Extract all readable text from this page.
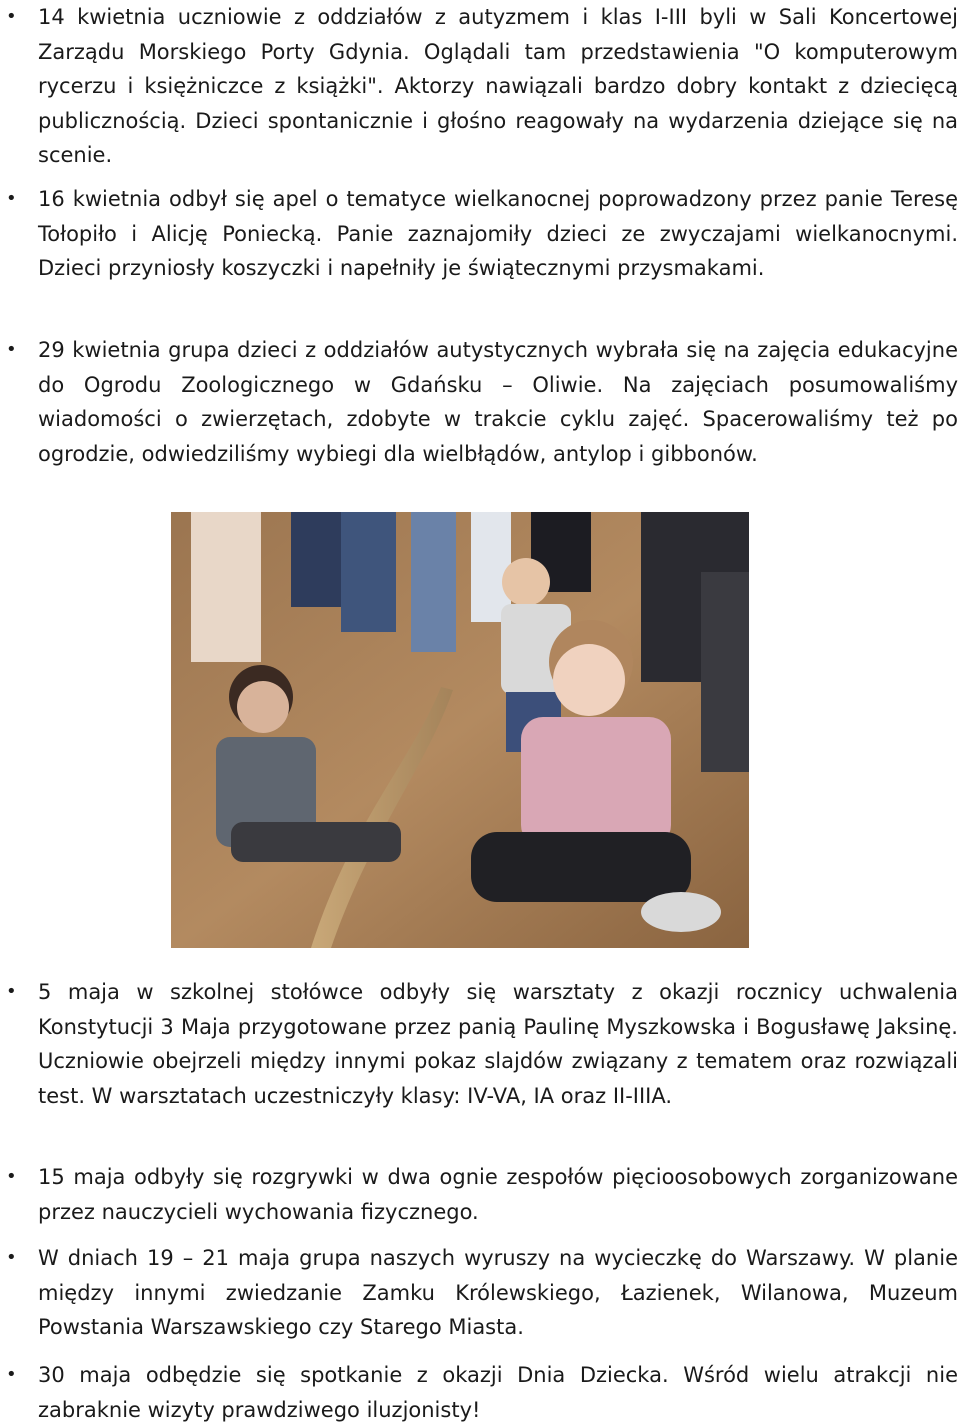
• 14 kwietnia uczniowie z oddziałów z autyzmem i klas I-III byli w Sali Koncertowej Zarządu Morskiego Porty Gdynia. Oglądali tam przedstawienia "O komputerowym rycerzu i księżniczce z książki". Aktorzy nawiązali bardzo dobry kontakt z dziecięcą publicznością. Dzieci spontanicznie i głośno reagowały na wydarzenia dziejące się na scenie.
• 16 kwietnia odbył się apel o tematyce wielkanocnej poprowadzony przez panie Teresę Tołopiło i Alicję Poniecką. Panie zaznajomiły dzieci ze zwyczajami wielkanocnymi. Dzieci przyniosły koszyczki i napełniły je świątecznymi przysmakami.
• 29 kwietnia grupa dzieci z oddziałów autystycznych wybrała się na zajęcia edukacyjne do Ogrodu Zoologicznego w Gdańsku – Oliwie. Na zajęciach posumowaliśmy wiadomości o zwierzętach, zdobyte w trakcie cyklu zajęć. Spacerowaliśmy też po ogrodzie, odwiedziliśmy wybiegi dla wielbłądów, antylop i gibbonów.
• 5 maja w szkolnej stołówce odbyły się warsztaty z okazji rocznicy uchwalenia Konstytucji 3 Maja przygotowane przez panią Paulinę Myszkowska i Bogusławę Jaksinę. Uczniowie obejrzeli między innymi pokaz slajdów związany z tematem oraz rozwiązali test. W warsztatach uczestniczyły klasy: IV-VA, IA oraz II-IIIA.
• 15 maja odbyły się rozgrywki w dwa ognie zespołów pięcioosobowych zorganizowane przez nauczycieli wychowania fizycznego.
• W dniach 19 – 21 maja grupa naszych wyruszy na wycieczkę do Warszawy. W planie między innymi zwiedzanie Zamku Królewskiego, Łazienek, Wilanowa, Muzeum Powstania Warszawskiego czy Starego Miasta.
• 30 maja odbędzie się spotkanie z okazji Dnia Dziecka. Wśród wielu atrakcji nie zabraknie wizyty prawdziwego iluzjonisty!
